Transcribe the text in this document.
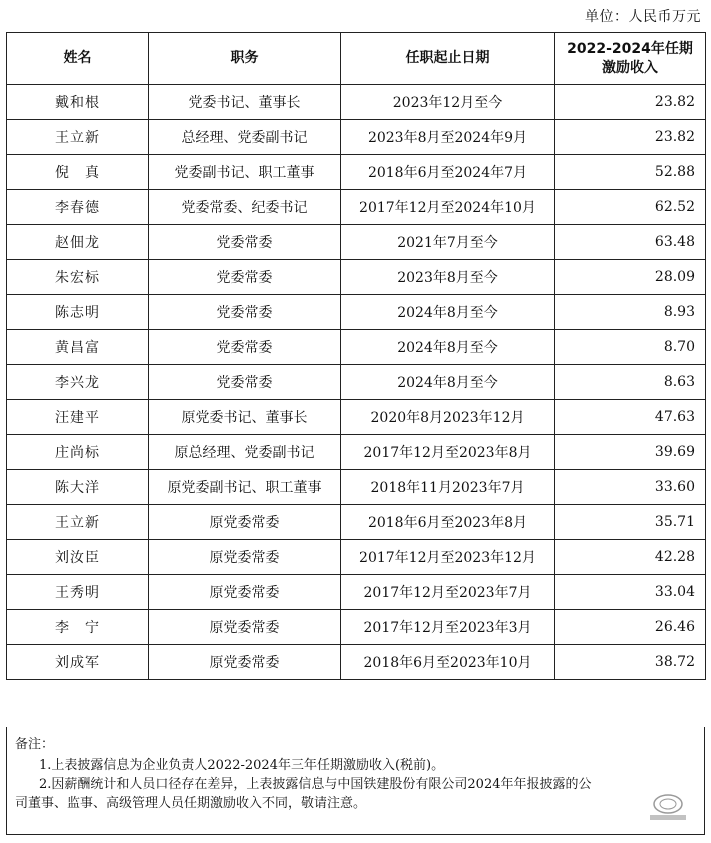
单位：人民币万元
姓名	职务	任职起止日期	2022-2024年任期
激励收入
戴和根	党委书记、董事长	2023年12月至今	23.82
王立新	总经理、党委副书记	2023年8月至2024年9月	23.82
倪　真	党委副书记、职工董事	2018年6月至2024年7月	52.88
李春德	党委常委、纪委书记	2017年12月至2024年10月	62.52
赵佃龙	党委常委	2021年7月至今	63.48
朱宏标	党委常委	2023年8月至今	28.09
陈志明	党委常委	2024年8月至今	8.93
黄昌富	党委常委	2024年8月至今	8.70
李兴龙	党委常委	2024年8月至今	8.63
汪建平	原党委书记、董事长	2020年8月2023年12月	47.63
庄尚标	原总经理、党委副书记	2017年12月至2023年8月	39.69
陈大洋	原党委副书记、职工董事	2018年11月2023年7月	33.60
王立新	原党委常委	2018年6月至2023年8月	35.71
刘汝臣	原党委常委	2017年12月至2023年12月	42.28
王秀明	原党委常委	2017年12月至2023年7月	33.04
李　宁	原党委常委	2017年12月至2023年3月	26.46
刘成军	原党委常委	2018年6月至2023年10月	38.72
备注：
1.上表披露信息为企业负责人2022-2024年三年任期激励收入(税前)。
2.因薪酬统计和人员口径存在差异，上表披露信息与中国铁建股份有限公司2024年年报披露的公
司董事、监事、高级管理人员任期激励收入不同，敬请注意。
